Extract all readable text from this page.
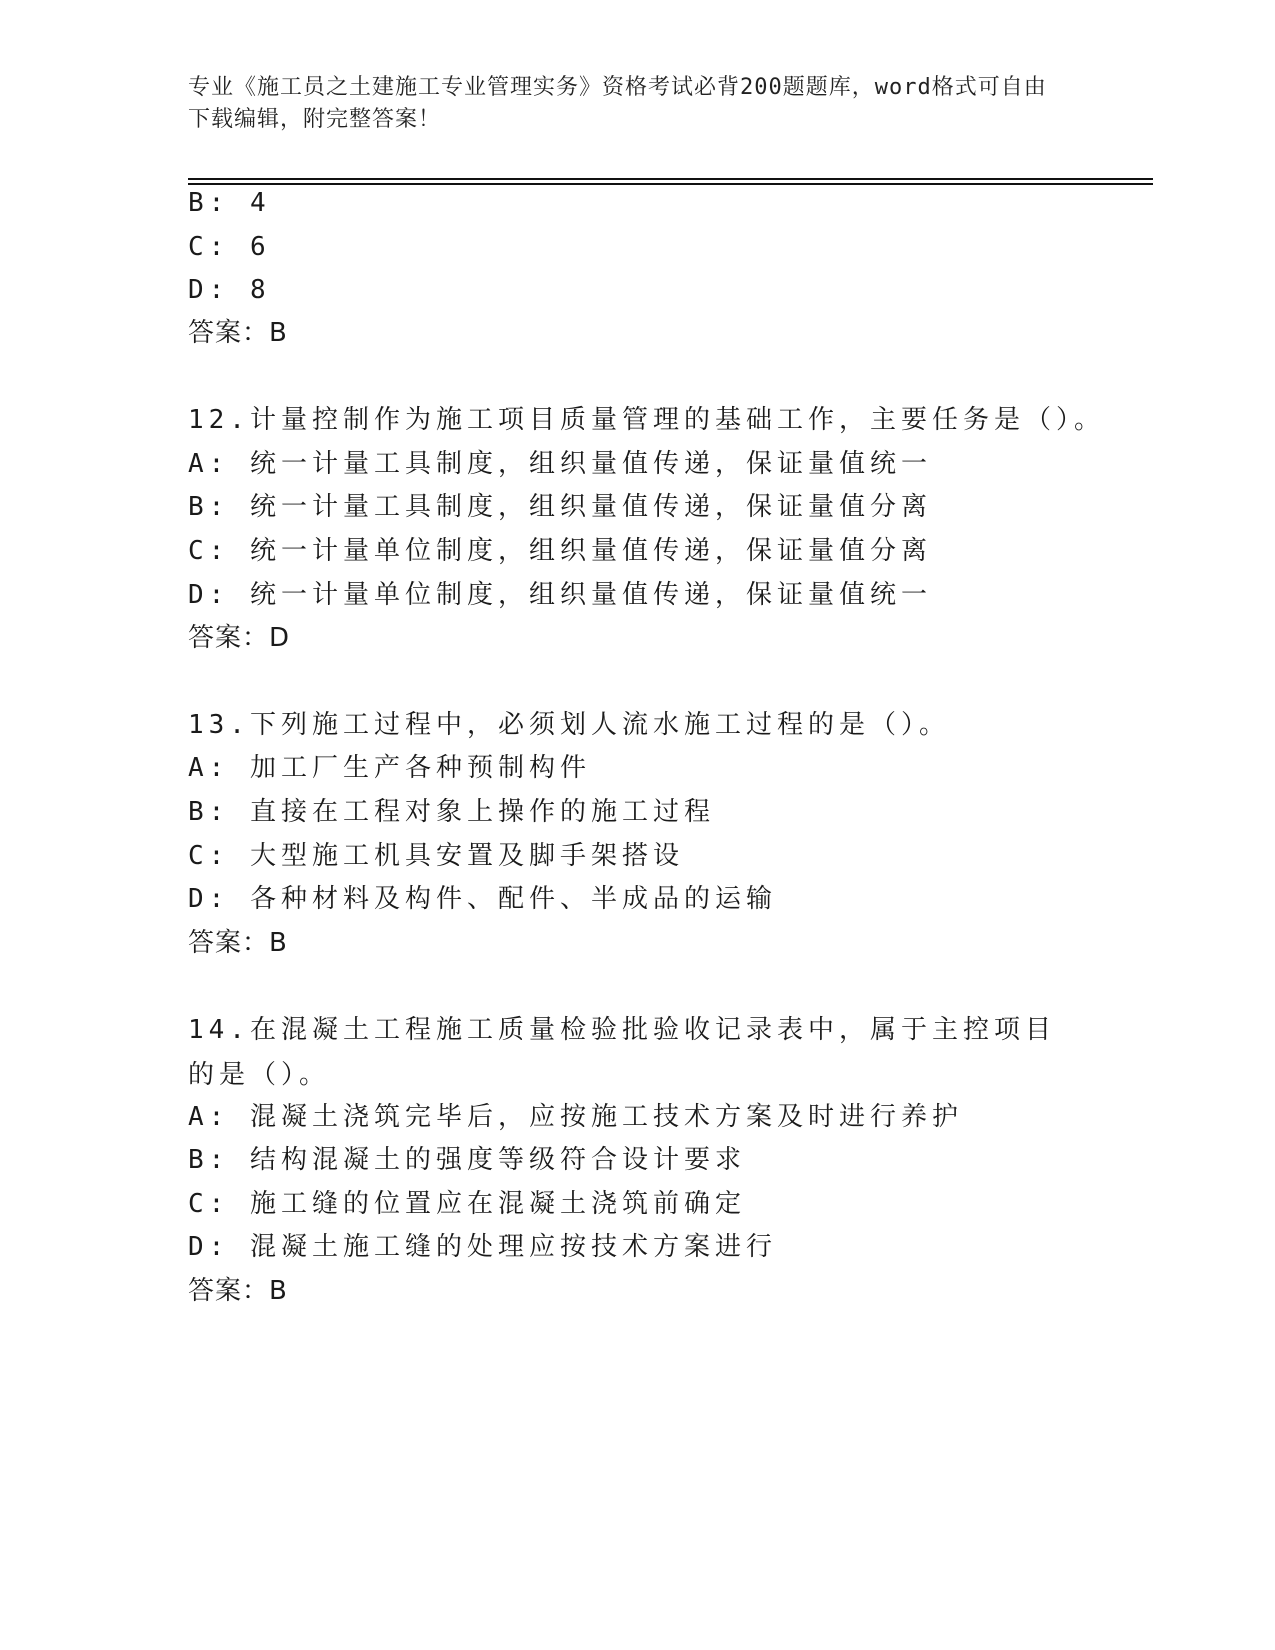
专业《施工员之土建施工专业管理实务》资格考试必背200题题库，word格式可自由下载编辑，附完整答案！
B: 4
C: 6
D: 8
答案：B
12.计量控制作为施工项目质量管理的基础工作，主要任务是（）。
A: 统一计量工具制度，组织量值传递，保证量值统一
B: 统一计量工具制度，组织量值传递，保证量值分离
C: 统一计量单位制度，组织量值传递，保证量值分离
D: 统一计量单位制度，组织量值传递，保证量值统一
答案：D
13.下列施工过程中，必须划人流水施工过程的是（）。
A: 加工厂生产各种预制构件
B: 直接在工程对象上操作的施工过程
C: 大型施工机具安置及脚手架搭设
D: 各种材料及构件、配件、半成品的运输
答案：B
14.在混凝土工程施工质量检验批验收记录表中，属于主控项目的是（）。
A: 混凝土浇筑完毕后，应按施工技术方案及时进行养护
B: 结构混凝土的强度等级符合设计要求
C: 施工缝的位置应在混凝土浇筑前确定
D: 混凝土施工缝的处理应按技术方案进行
答案：B
